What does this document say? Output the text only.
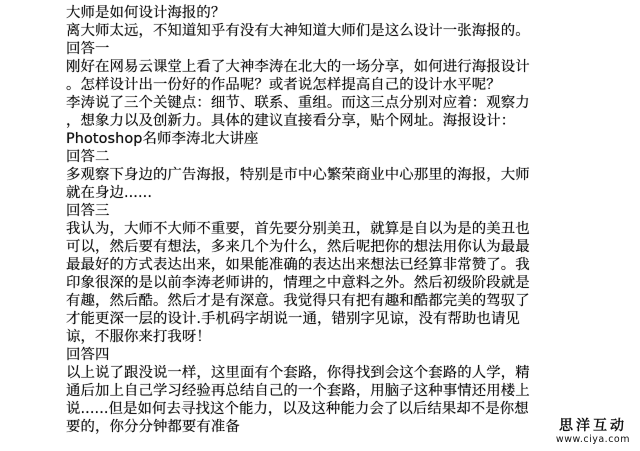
大师是如何设计海报的？
离大师太远，不知道知乎有没有大神知道大师们是这么设计一张海报的。
回答一
刚好在网易云课堂上看了大神李涛在北大的一场分享，如何进行海报设计
。怎样设计出一份好的作品呢？或者说怎样提高自己的设计水平呢？
李涛说了三个关键点：细节、联系、重组。而这三点分别对应着：观察力
，想象力以及创新力。具体的建议直接看分享，贴个网址。海报设计：
Photoshop名师李涛北大讲座
回答二
多观察下身边的广告海报，特别是市中心繁荣商业中心那里的海报，大师
就在身边......
回答三
我认为，大师不大师不重要，首先要分别美丑，就算是自以为是的美丑也
可以，然后要有想法，多来几个为什么，然后呢把你的想法用你认为最最
最最好的方式表达出来，如果能准确的表达出来想法已经算非常赞了。我
印象很深的是以前李涛老师讲的，情理之中意料之外。然后初级阶段就是
有趣，然后酷。然后才是有深意。我觉得只有把有趣和酷都完美的驾驭了
才能更深一层的设计.手机码字胡说一通，错别字见谅，没有帮助也请见
谅，不服你来打我呀！
回答四
以上说了跟没说一样，这里面有个套路，你得找到会这个套路的人学，精
通后加上自己学习经验再总结自己的一个套路，用脑子这种事情还用楼上
说......但是如何去寻找这个能力，以及这种能力会了以后结果却不是你想
要的，你分分钟都要有准备	思洋互动
www.ciya.com
